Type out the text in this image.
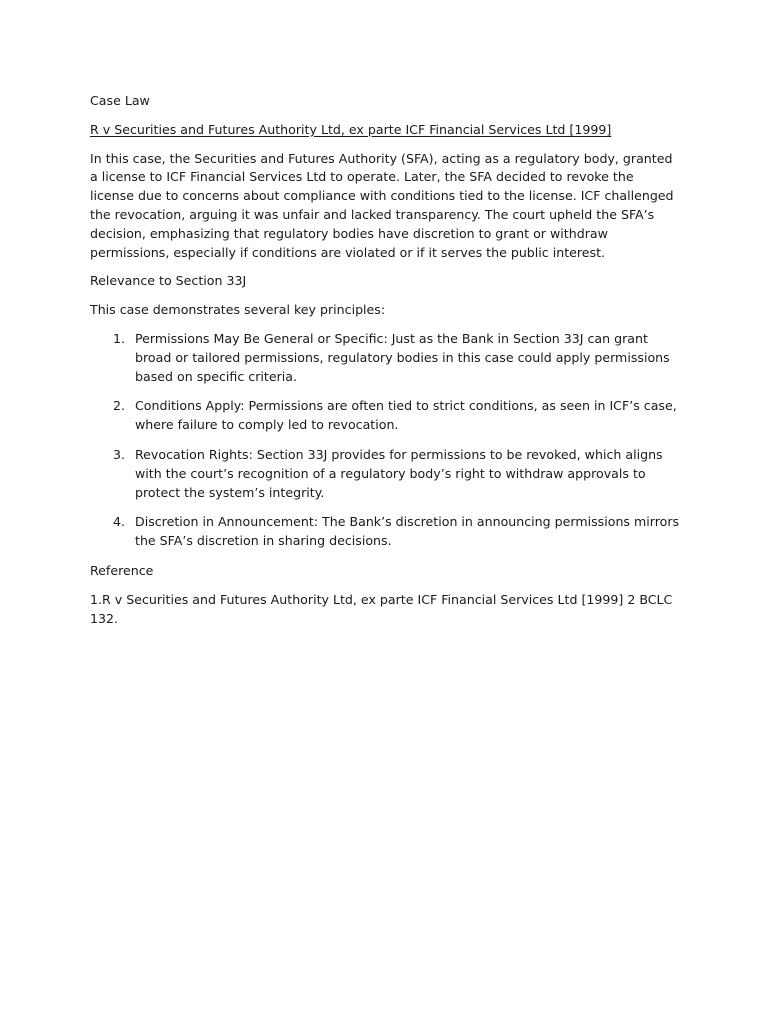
Case Law

R v Securities and Futures Authority Ltd, ex parte ICF Financial Services Ltd [1999]

In this case, the Securities and Futures Authority (SFA), acting as a regulatory body, granted a license to ICF Financial Services Ltd to operate. Later, the SFA decided to revoke the license due to concerns about compliance with conditions tied to the license. ICF challenged the revocation, arguing it was unfair and lacked transparency. The court upheld the SFA’s decision, emphasizing that regulatory bodies have discretion to grant or withdraw permissions, especially if conditions are violated or if it serves the public interest.

Relevance to Section 33J

This case demonstrates several key principles:

1. Permissions May Be General or Specific: Just as the Bank in Section 33J can grant broad or tailored permissions, regulatory bodies in this case could apply permissions based on specific criteria.
2. Conditions Apply: Permissions are often tied to strict conditions, as seen in ICF’s case, where failure to comply led to revocation.
3. Revocation Rights: Section 33J provides for permissions to be revoked, which aligns with the court’s recognition of a regulatory body’s right to withdraw approvals to protect the system’s integrity.
4. Discretion in Announcement: The Bank’s discretion in announcing permissions mirrors the SFA’s discretion in sharing decisions.

Reference

1.R v Securities and Futures Authority Ltd, ex parte ICF Financial Services Ltd [1999] 2 BCLC 132.
